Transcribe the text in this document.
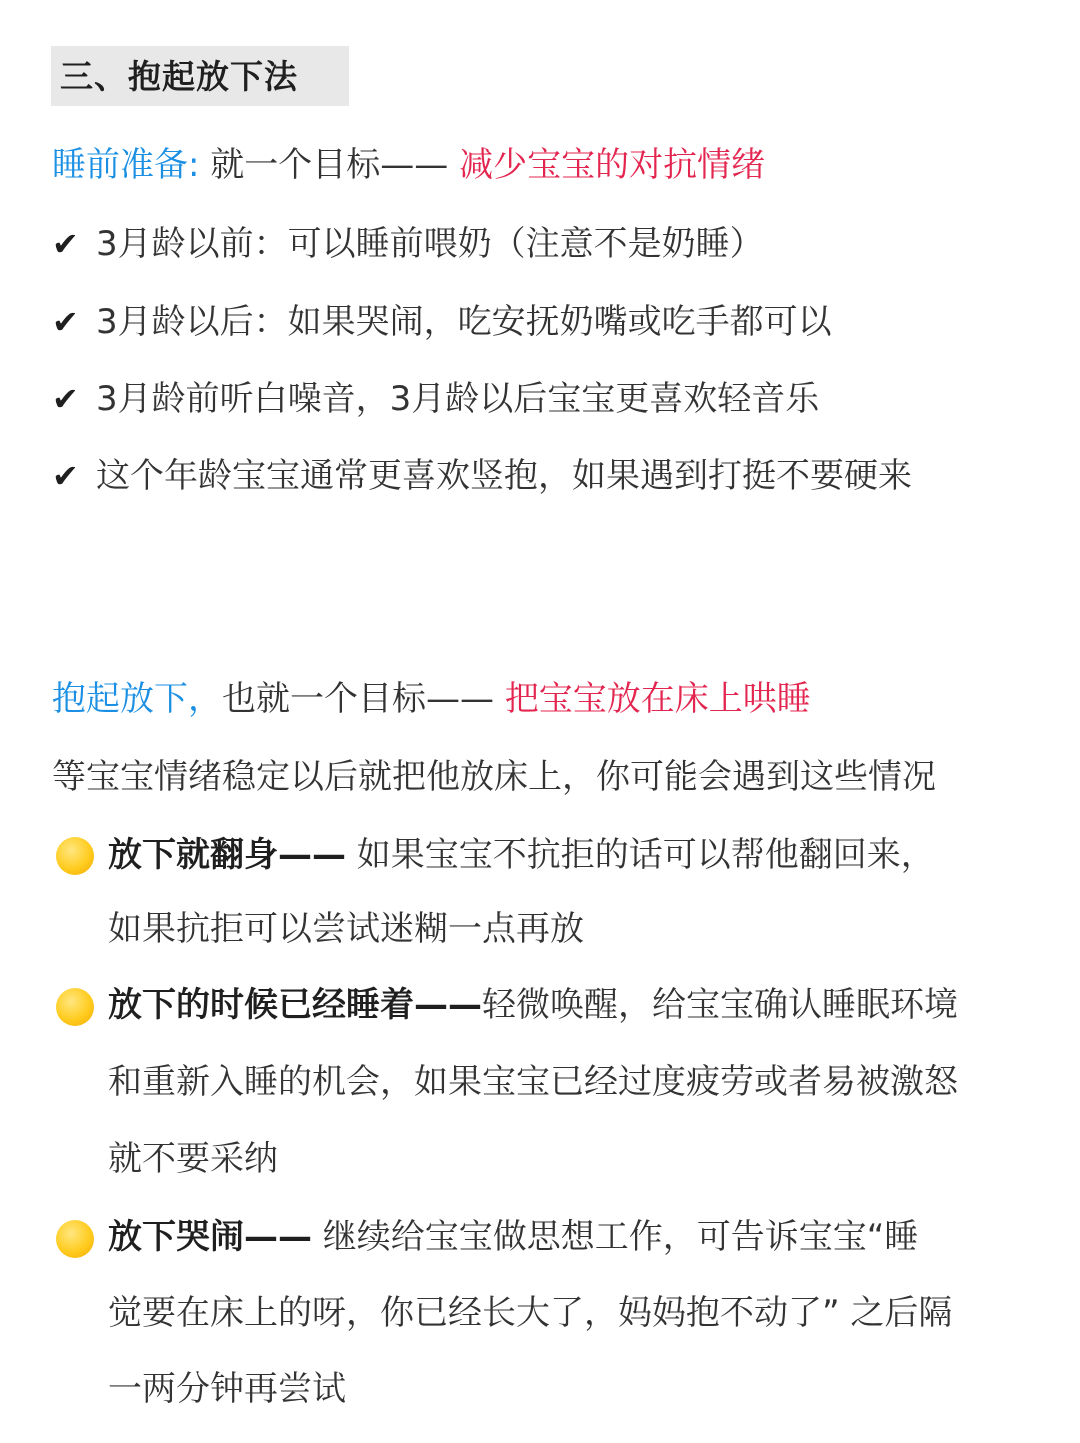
三、抱起放下法
睡前准备: 就一个目标—— 减少宝宝的对抗情绪
✔ 3月龄以前：可以睡前喂奶（注意不是奶睡）
✔ 3月龄以后：如果哭闹，吃安抚奶嘴或吃手都可以
✔ 3月龄前听白噪音，3月龄以后宝宝更喜欢轻音乐
✔ 这个年龄宝宝通常更喜欢竖抱，如果遇到打挺不要硬来
抱起放下，也就一个目标—— 把宝宝放在床上哄睡
等宝宝情绪稳定以后就把他放床上，你可能会遇到这些情况
放下就翻身—— 如果宝宝不抗拒的话可以帮他翻回来，
如果抗拒可以尝试迷糊一点再放
放下的时候已经睡着——轻微唤醒，给宝宝确认睡眠环境
和重新入睡的机会，如果宝宝已经过度疲劳或者易被激怒
就不要采纳
放下哭闹—— 继续给宝宝做思想工作，可告诉宝宝“睡
觉要在床上的呀，你已经长大了，妈妈抱不动了” 之后隔
一两分钟再尝试
